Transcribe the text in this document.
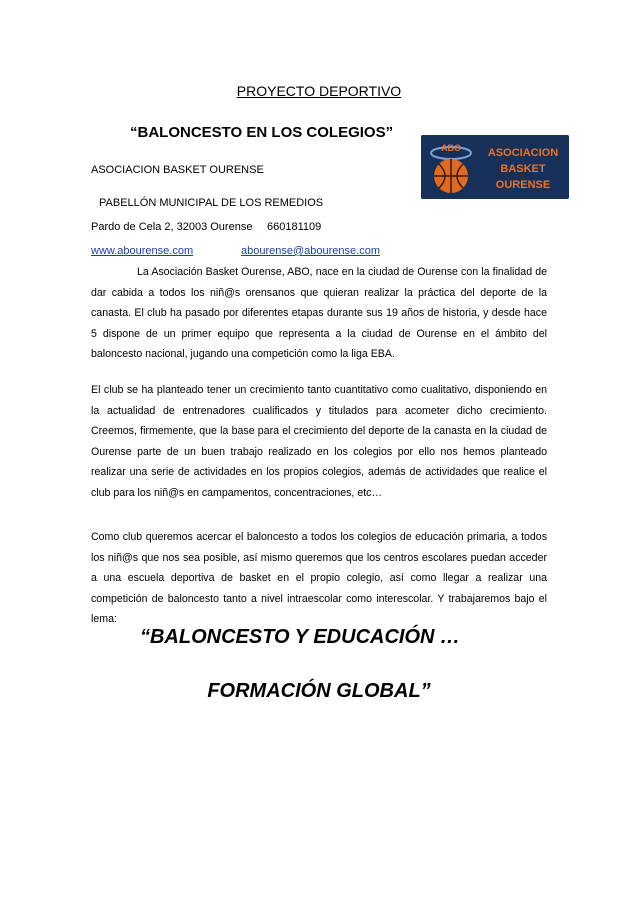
PROYECTO DEPORTIVO
“BALONCESTO EN LOS COLEGIOS”
ASOCIACION BASKET OURENSE
PABELLÓN MUNICIPAL DE LOS REMEDIOS
Pardo de Cela 2, 32003 Ourense 660181109
www.abourense.com	abourense@abourense.com
ABO ASOCIACION
BASKET
OURENSE

La Asociación Basket Ourense, ABO, nace en la ciudad de Ourense con la finalidad de dar cabida a todos los niñ@s orensanos que quieran realizar la práctica del deporte de la canasta. El club ha pasado por diferentes etapas durante sus 19 años de historia, y desde hace 5 dispone de un primer equipo que representa a la ciudad de Ourense en el ámbito del baloncesto nacional, jugando una competición como la liga EBA.

El club se ha planteado tener un crecimiento tanto cuantitativo como cualitativo, disponiendo en la actualidad de entrenadores cualificados y titulados para acometer dicho crecimiento. Creemos, firmemente, que la base para el crecimiento del deporte de la canasta en la ciudad de Ourense parte de un buen trabajo realizado en los colegios por ello nos hemos planteado realizar una serie de actividades en los propios colegios, además de actividades que realice el club para los niñ@s en campamentos, concentraciones, etc…

Como club queremos acercar el baloncesto a todos los colegios de educación primaria, a todos los niñ@s que nos sea posible, así mismo queremos que los centros escolares puedan acceder a una escuela deportiva de basket en el propio colegio, así como llegar a realizar una competición de baloncesto tanto a nivel intraescolar como interescolar. Y trabajaremos bajo el lema:

“BALONCESTO Y EDUCACIÓN …
FORMACIÓN GLOBAL”
